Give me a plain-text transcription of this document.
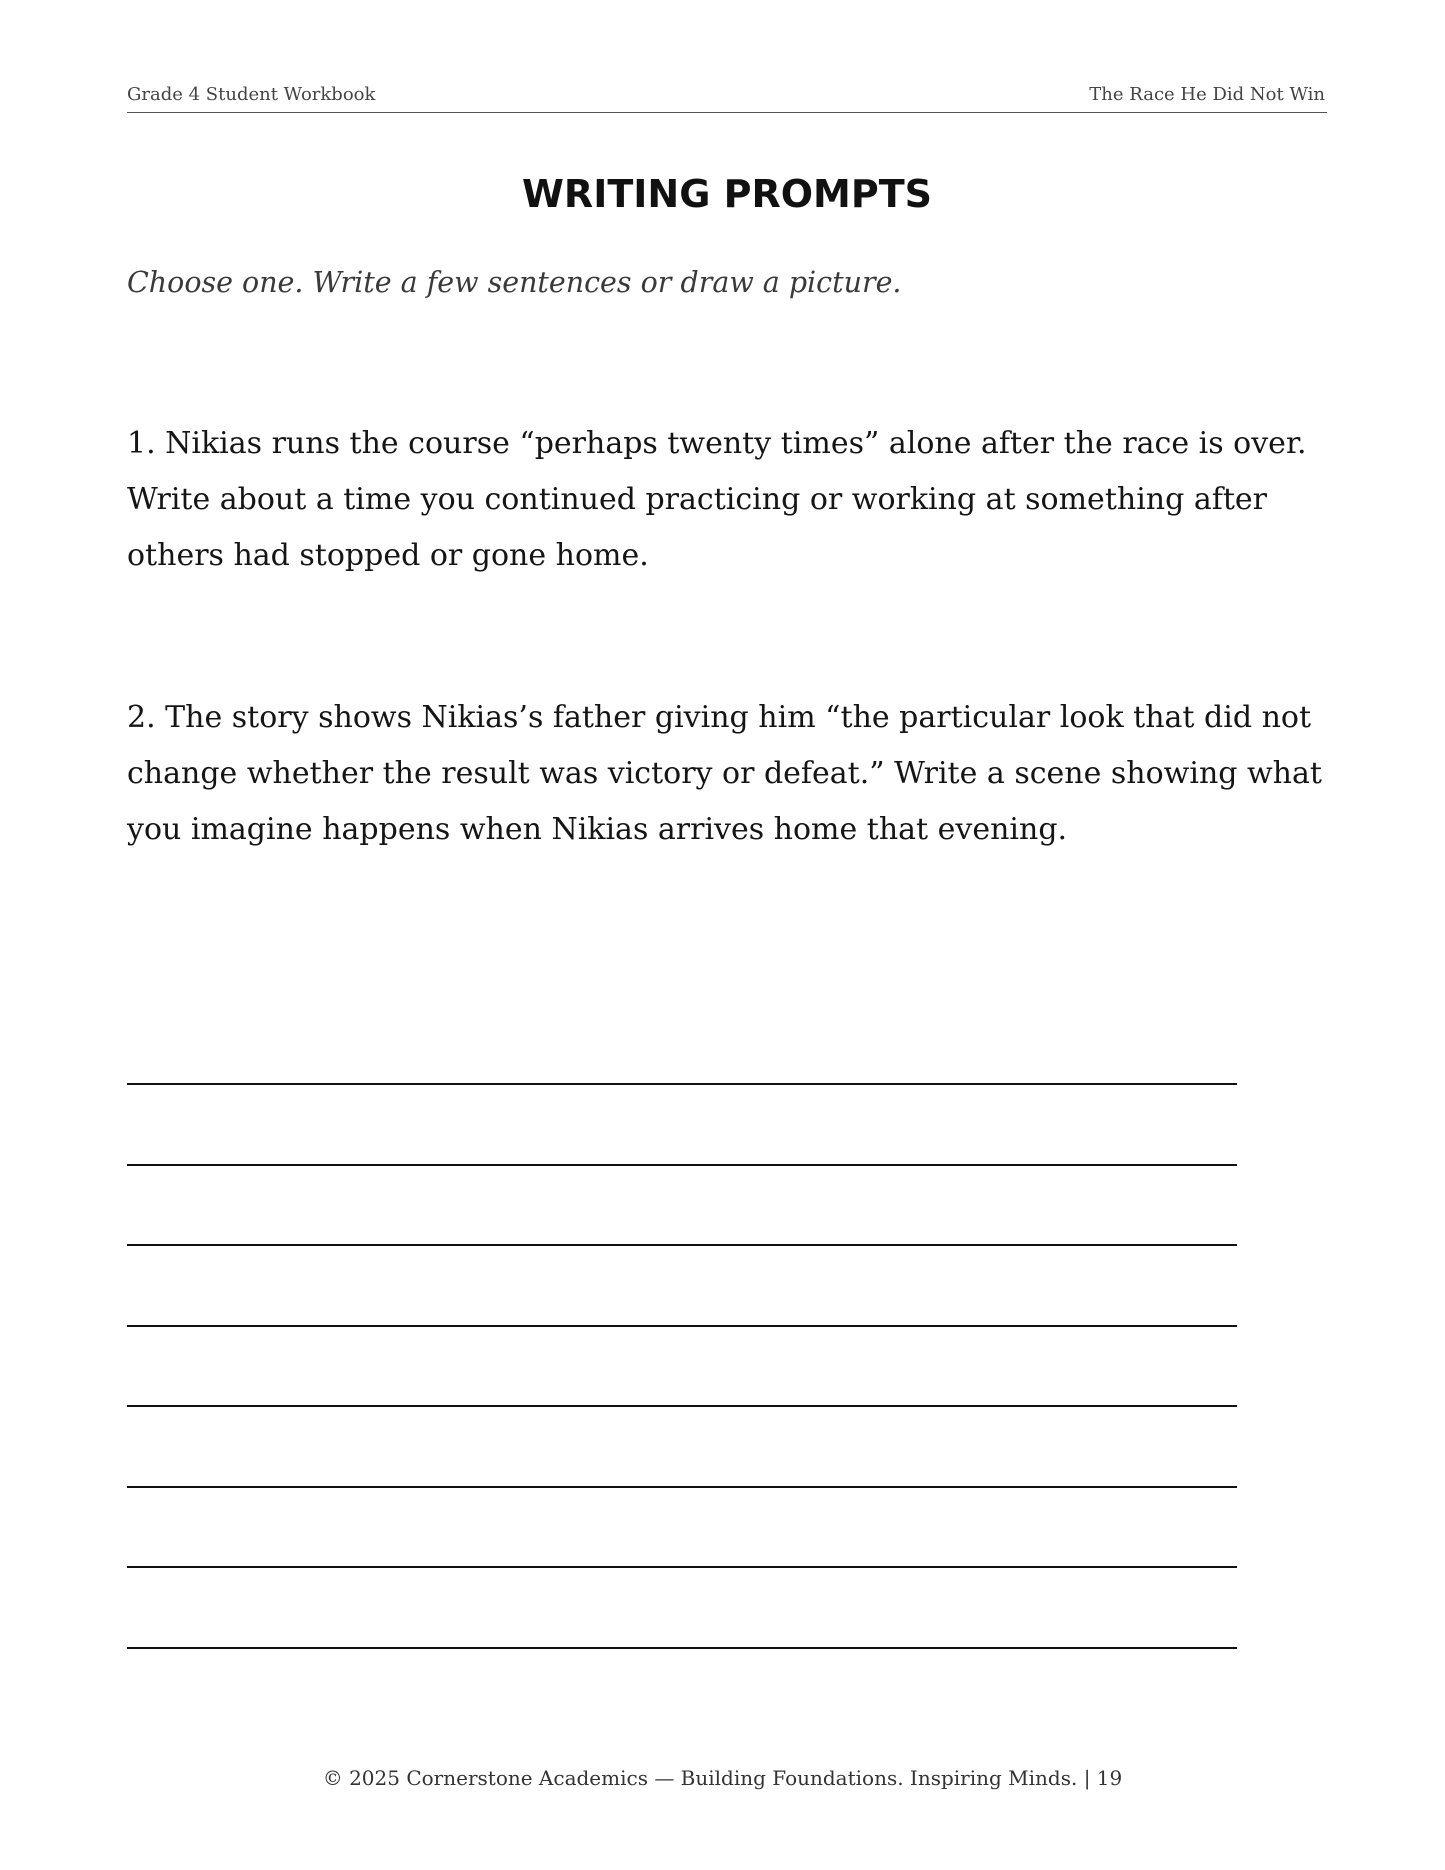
Grade 4 Student Workbook	The Race He Did Not Win
WRITING PROMPTS

Choose one. Write a few sentences or draw a picture.

1. Nikias runs the course “perhaps twenty times” alone after the race is over. Write about a time you continued practicing or working at something after others had stopped or gone home.

2. The story shows Nikias’s father giving him “the particular look that did not change whether the result was victory or defeat.” Write a scene showing what you imagine happens when Nikias arrives home that evening.

© 2025 Cornerstone Academics — Building Foundations. Inspiring Minds. | 19
